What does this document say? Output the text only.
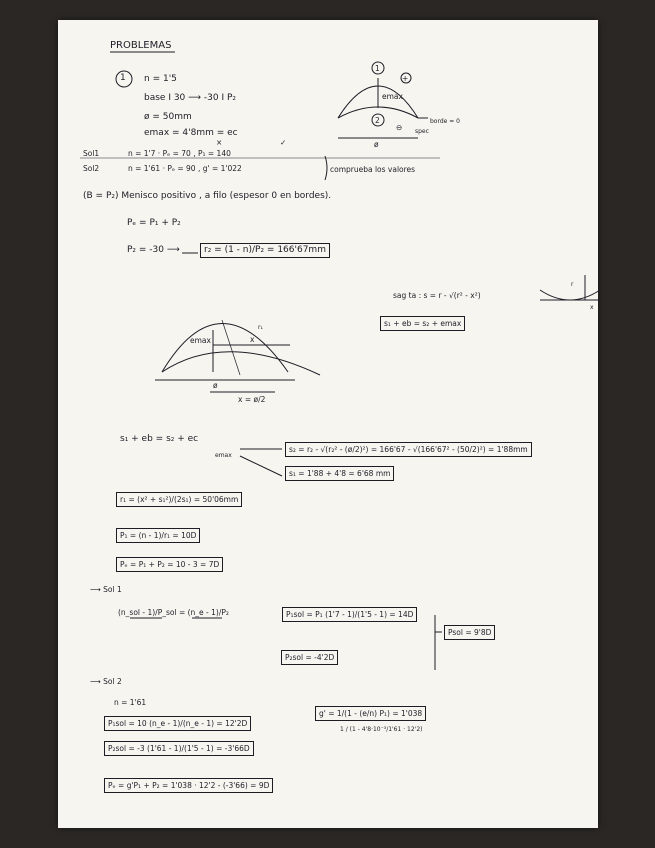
PROBLEMAS
1 n = 1'5
base I 30 ⟶ -30 I P₂
ø = 50mm
emax = 4'8mm = ec
1
+
emax
2
⊖
borde = 0
spec
ø
Sol1	n = 1'7 · Pₑ = 70 , P₁ = 140
Sol2	n = 1'61 · Pₑ = 90 , g' = 1'022
×	✓
comprueba los valores
(B = P₂) Menisco positivo , a filo (espesor 0 en bordes).
Pₑ = P₁ + P₂
P₂ = -30 ⟶	r₂ = (1 - n)/P₂ = 166'67mm
sag ta : s = r - √(r² - x²)
s₁ + eb = s₂ + emax
r
x
emax	x
r₁
ø
x = ø/2
s₁ + eb = s₂ + ec
emax
s₂ = r₂ - √(r₂² - (ø/2)²) = 166'67 - √(166'67² - (50/2)²) = 1'88mm
s₁ = 1'88 + 4'8 = 6'68 mm
r₁ = (x² + s₁²)/(2s₁) = 50'06mm
P₁ = (n - 1)/r₁ = 10D
Pₑ = P₁ + P₂ = 10 - 3 = 7D
⟶ Sol 1
(n_sol - 1)/P_sol = (n_e - 1)/P₂	P₁sol = P₁ (1'7 - 1)/(1'5 - 1) = 14D
P₂sol = -4'2D
Psol = 9'8D
⟶ Sol 2
n = 1'61
P₁sol = 10 (n_e - 1)/(n_e - 1) = 12'2D
P₂sol = -3 (1'61 - 1)/(1'5 - 1) = -3'66D
g' = 1/(1 - (e/n) P₁) = 1'038
1 / (1 - 4'8·10⁻³/1'61 · 12'2)
Pₑ = g'P₁ + P₂ = 1'038 · 12'2 - (-3'66) = 9D
